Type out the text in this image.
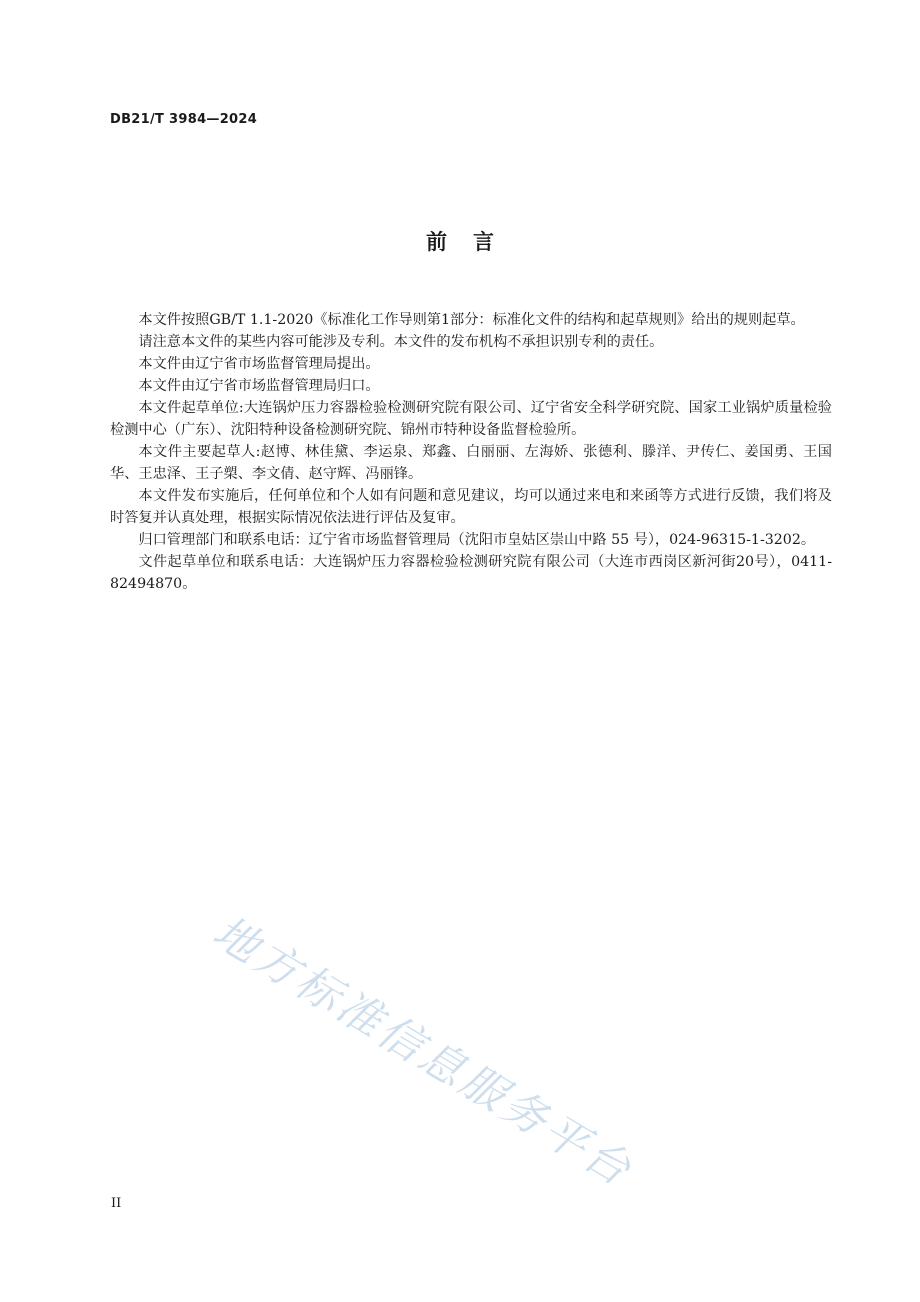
DB21/T 3984—2024
前言

本文件按照GB/T 1.1-2020《标准化工作导则第1部分：标准化文件的结构和起草规则》给出的规则起草。

请注意本文件的某些内容可能涉及专利。本文件的发布机构不承担识别专利的责任。

本文件由辽宁省市场监督管理局提出。

本文件由辽宁省市场监督管理局归口。

本文件起草单位:大连锅炉压力容器检验检测研究院有限公司、辽宁省安全科学研究院、国家工业锅炉质量检验检测中心（广东）、沈阳特种设备检测研究院、锦州市特种设备监督检验所。

本文件主要起草人:赵博、林佳黛、李运泉、郑鑫、白丽丽、左海娇、张德利、滕洋、尹传仁、姜国勇、王国华、王忠泽、王子槊、李文倩、赵守辉、冯丽锋。

本文件发布实施后，任何单位和个人如有问题和意见建议，均可以通过来电和来函等方式进行反馈，我们将及时答复并认真处理，根据实际情况依法进行评估及复审。

归口管理部门和联系电话：辽宁省市场监督管理局（沈阳市皇姑区崇山中路 55 号），024-96315-1-3202。

文件起草单位和联系电话：大连锅炉压力容器检验检测研究院有限公司（大连市西岗区新河街20号），0411-82494870。

地方标准信息服务平台
II
